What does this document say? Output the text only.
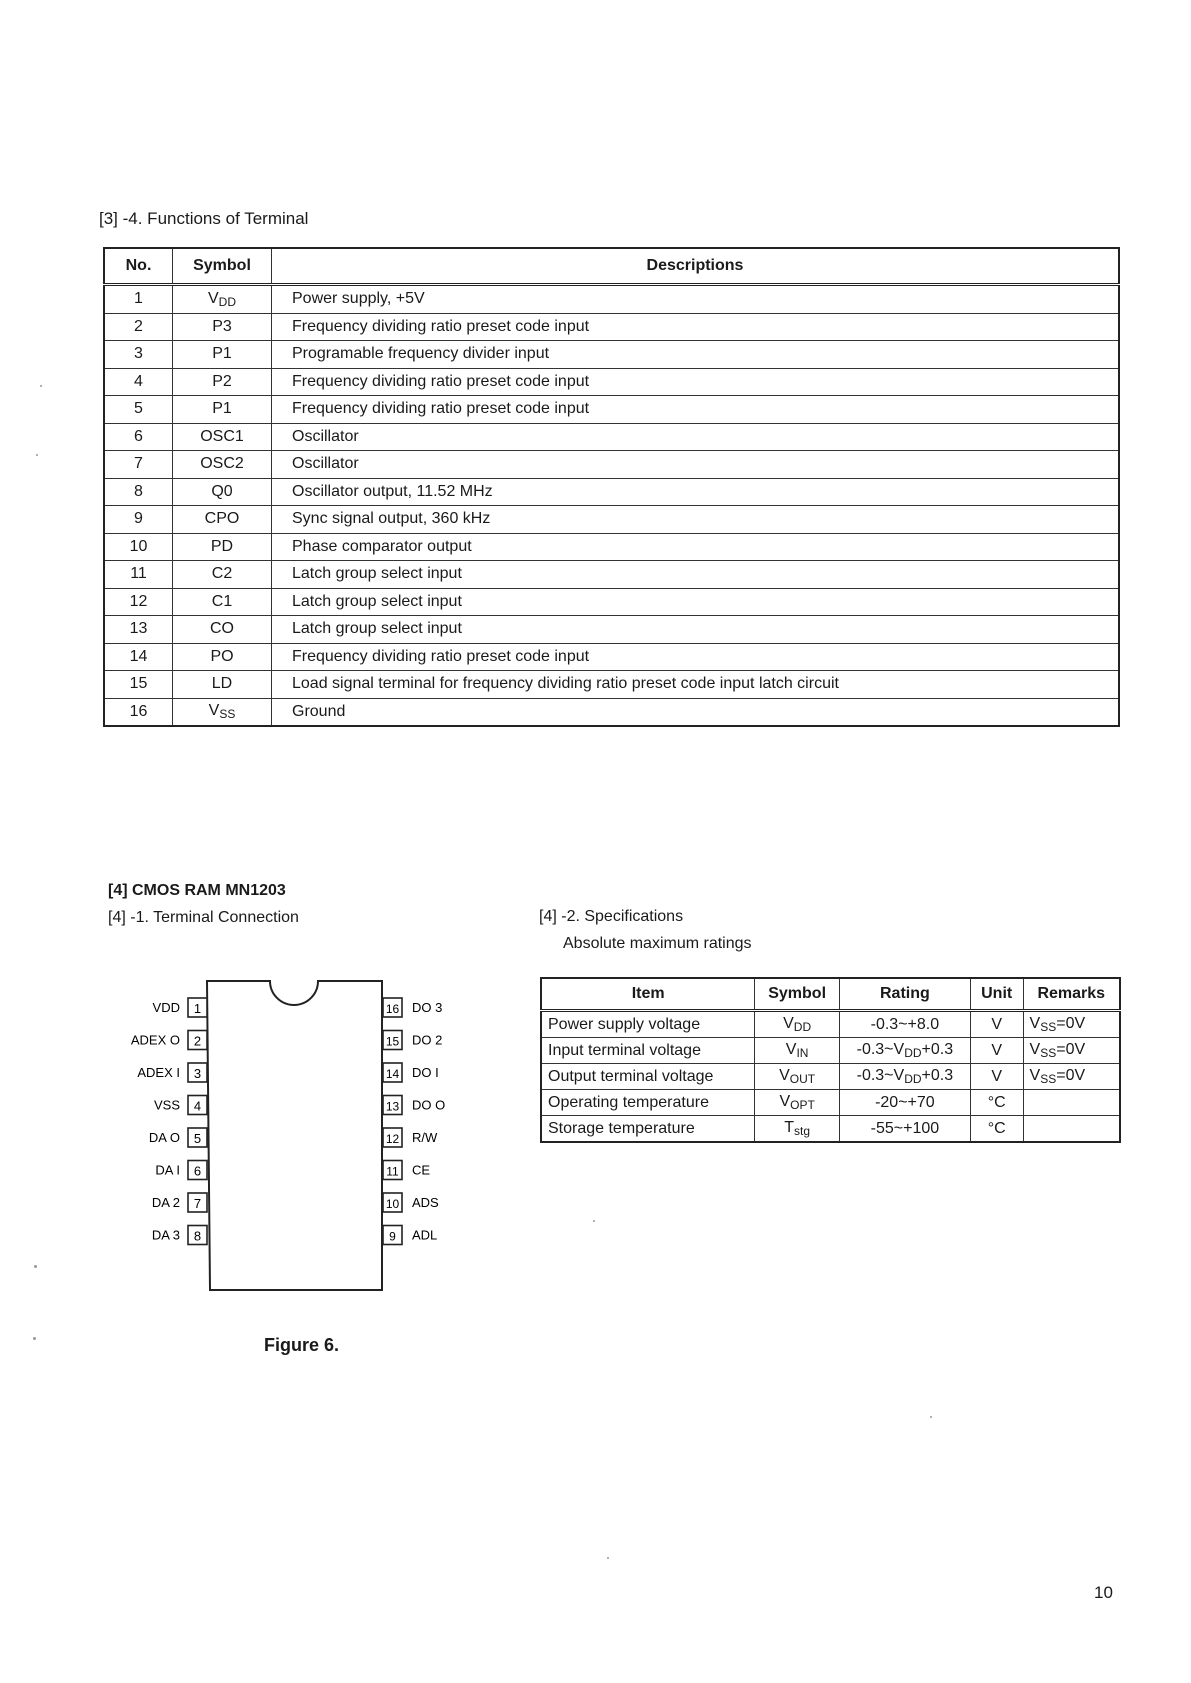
[3] -4. Functions of Terminal
No.	Symbol	Descriptions
1	$V_{DD}$	Power supply, +5V
2	P3	Frequency dividing ratio preset code input
3	P1	Programable frequency divider input
4	P2	Frequency dividing ratio preset code input
5	P1	Frequency dividing ratio preset code input
6	OSC1	Oscillator
7	OSC2	Oscillator
8	Q0	Oscillator output, 11.52 MHz
9	CPO	Sync signal output, 360 kHz
10	PD	Phase comparator output
11	C2	Latch group select input
12	C1	Latch group select input
13	CO	Latch group select input
14	PO	Frequency dividing ratio preset code input
15	LD	Load signal terminal for frequency dividing ratio preset code input latch circuit
16	$V_{SS}$	Ground
[4] CMOS RAM MN1203
[4] -1. Terminal Connection	[4] -2. Specifications
Absolute maximum ratings
1
VDD
2
ADEX O
3
ADEX I
4
VSS
5
DA O
6
DA I
7
DA 2
8
DA 3
16 DO 3
15 DO 2
14 DO I
13 DO O
12 R/W
11 CE
10 ADS
9 ADL
Figure 6.
Item	Symbol	Rating	Unit	Remarks
Power supply voltage	$V_{DD}$	-0.3~+8.0	V	$V_{SS}=0V$
Input terminal voltage	$V_{IN}$	$-0.3\sim V_{DD}+0.3$	V	$V_{SS}=0V$
Output terminal voltage	$V_{OUT}$	$-0.3\sim V_{DD}+0.3$	V	$V_{SS}=0V$
Operating temperature	$V_{OPT}$	-20~+70	°C	
Storage temperature	$T_{stg}$	-55~+100	°C	
10
